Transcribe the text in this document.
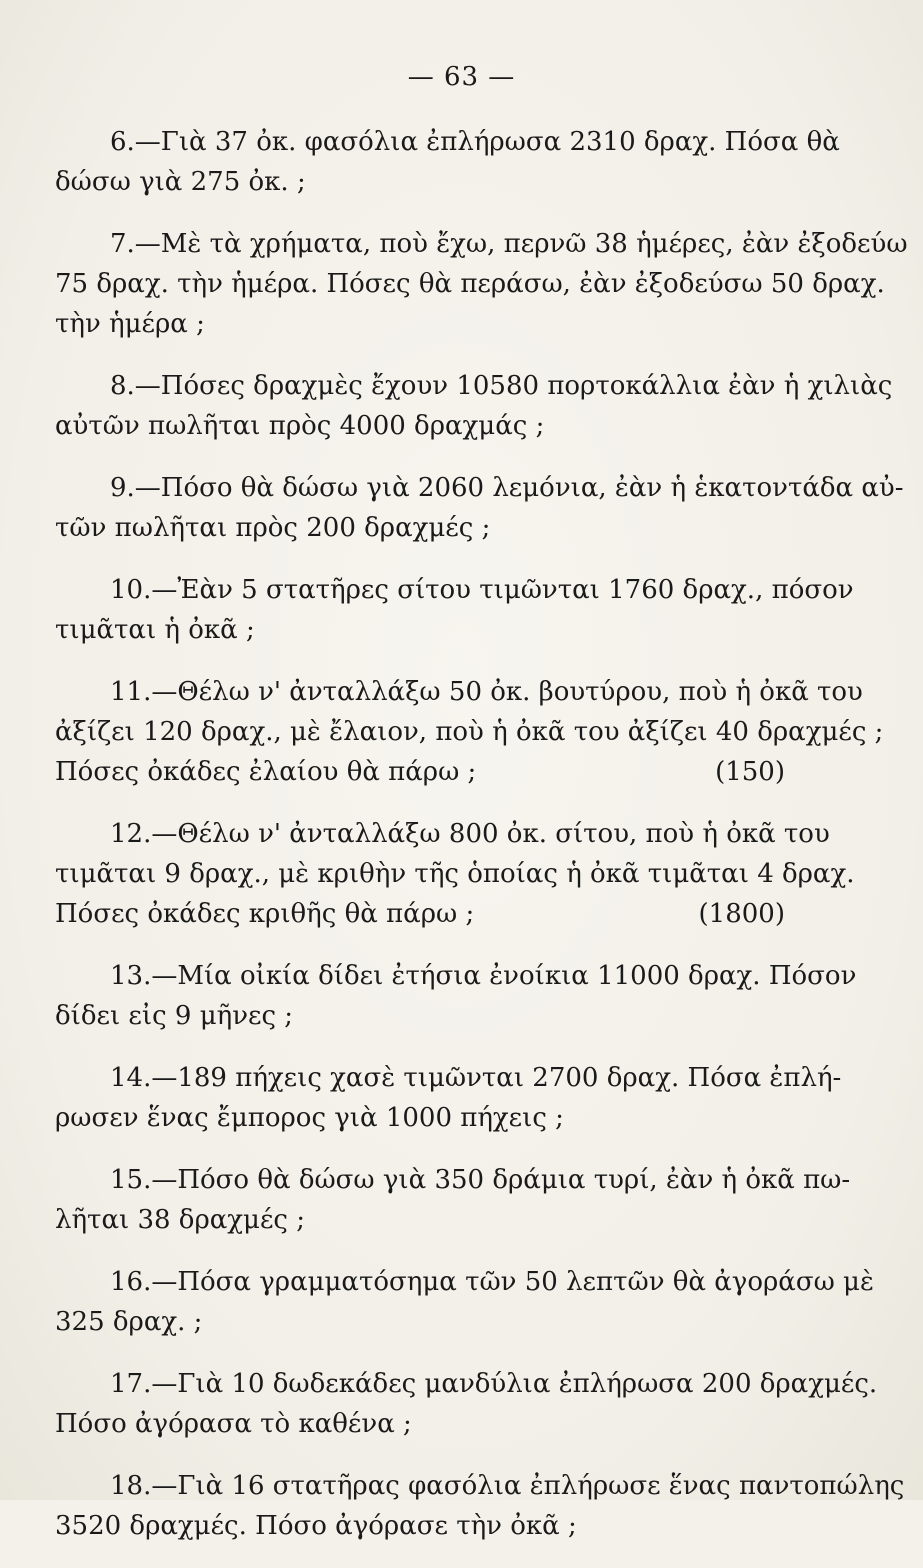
— 63 —
6.—Γιὰ 37 ὀκ. φασόλια ἐπλήρωσα 2310 δραχ. Πόσα θὰ
δώσω γιὰ 275 ὀκ. ;
7.—Μὲ τὰ χρήματα, ποὺ ἔχω, περνῶ 38 ἡμέρες, ἐὰν ἐξοδεύω
75 δραχ. τὴν ἡμέρα. Πόσες θὰ περάσω, ἐὰν ἐξοδεύσω 50 δραχ.
τὴν ἡμέρα ;
8.—Πόσες δραχμὲς ἔχουν 10580 πορτοκάλλια ἐὰν ἡ χιλιὰς
αὐτῶν πωλῆται πρὸς 4000 δραχμάς ;
9.—Πόσο θὰ δώσω γιὰ 2060 λεμόνια, ἐὰν ἡ ἑκατοντάδα αὐ-
τῶν πωλῆται πρὸς 200 δραχμές ;
10.—Ἐὰν 5 στατῆρες σίτου τιμῶνται 1760 δραχ., πόσον
τιμᾶται ἡ ὀκᾶ ;
11.—Θέλω ν' ἀνταλλάξω 50 ὀκ. βουτύρου, ποὺ ἡ ὀκᾶ του
ἀξίζει 120 δραχ., μὲ ἔλαιον, ποὺ ἡ ὀκᾶ του ἀξίζει 40 δραχμές ;
Πόσες ὀκάδες ἐλαίου θὰ πάρω ;	(150)
12.—Θέλω ν' ἀνταλλάξω 800 ὀκ. σίτου, ποὺ ἡ ὀκᾶ του
τιμᾶται 9 δραχ., μὲ κριθὴν τῆς ὁποίας ἡ ὀκᾶ τιμᾶται 4 δραχ.
Πόσες ὀκάδες κριθῆς θὰ πάρω ;	(1800)
13.—Μία οἰκία δίδει ἐτήσια ἐνοίκια 11000 δραχ. Πόσον
δίδει εἰς 9 μῆνες ;
14.—189 πήχεις χασὲ τιμῶνται 2700 δραχ. Πόσα ἐπλή-
ρωσεν ἕνας ἔμπορος γιὰ 1000 πήχεις ;
15.—Πόσο θὰ δώσω γιὰ 350 δράμια τυρί, ἐὰν ἡ ὀκᾶ πω-
λῆται 38 δραχμές ;
16.—Πόσα γραμματόσημα τῶν 50 λεπτῶν θὰ ἀγοράσω μὲ
325 δραχ. ;
17.—Γιὰ 10 δωδεκάδες μανδύλια ἐπλήρωσα 200 δραχμές.
Πόσο ἀγόρασα τὸ καθένα ;
18.—Γιὰ 16 στατῆρας φασόλια ἐπλήρωσε ἕνας παντοπώλης
3520 δραχμές. Πόσο ἀγόρασε τὴν ὀκᾶ ;
